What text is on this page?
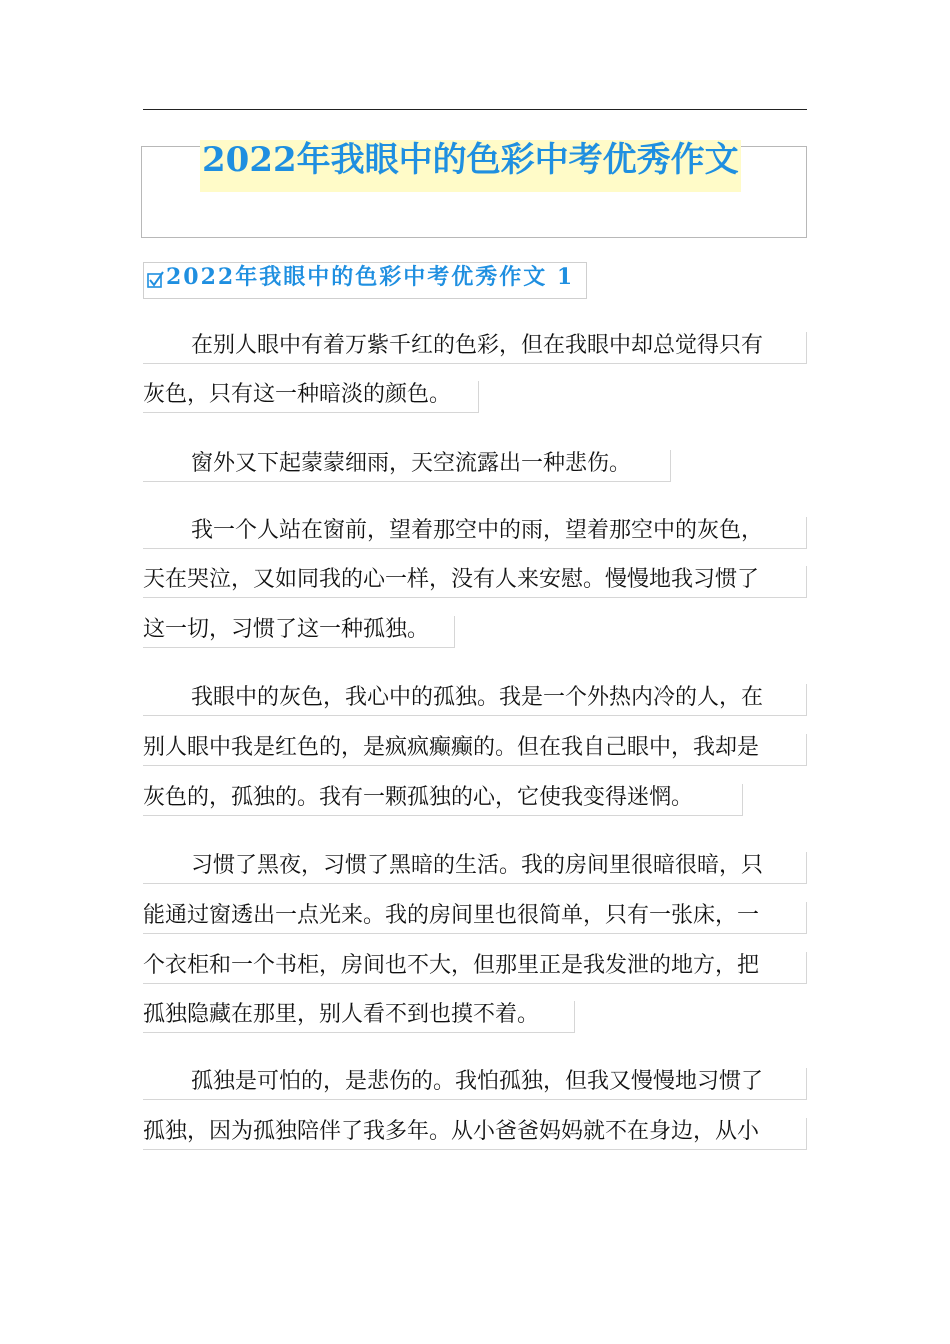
2022年我眼中的色彩中考优秀作文
2022年我眼中的色彩中考优秀作文 1
在别人眼中有着万紫千红的色彩，但在我眼中却总觉得只有
灰色，只有这一种暗淡的颜色。
窗外又下起蒙蒙细雨，天空流露出一种悲伤。
我一个人站在窗前，望着那空中的雨，望着那空中的灰色，
天在哭泣，又如同我的心一样，没有人来安慰。慢慢地我习惯了
这一切，习惯了这一种孤独。
我眼中的灰色，我心中的孤独。我是一个外热内冷的人，在
别人眼中我是红色的，是疯疯癫癫的。但在我自己眼中，我却是
灰色的，孤独的。我有一颗孤独的心，它使我变得迷惘。
习惯了黑夜，习惯了黑暗的生活。我的房间里很暗很暗，只
能通过窗透出一点光来。我的房间里也很简单，只有一张床，一
个衣柜和一个书柜，房间也不大，但那里正是我发泄的地方，把
孤独隐藏在那里，别人看不到也摸不着。
孤独是可怕的，是悲伤的。我怕孤独，但我又慢慢地习惯了
孤独，因为孤独陪伴了我多年。从小爸爸妈妈就不在身边，从小
